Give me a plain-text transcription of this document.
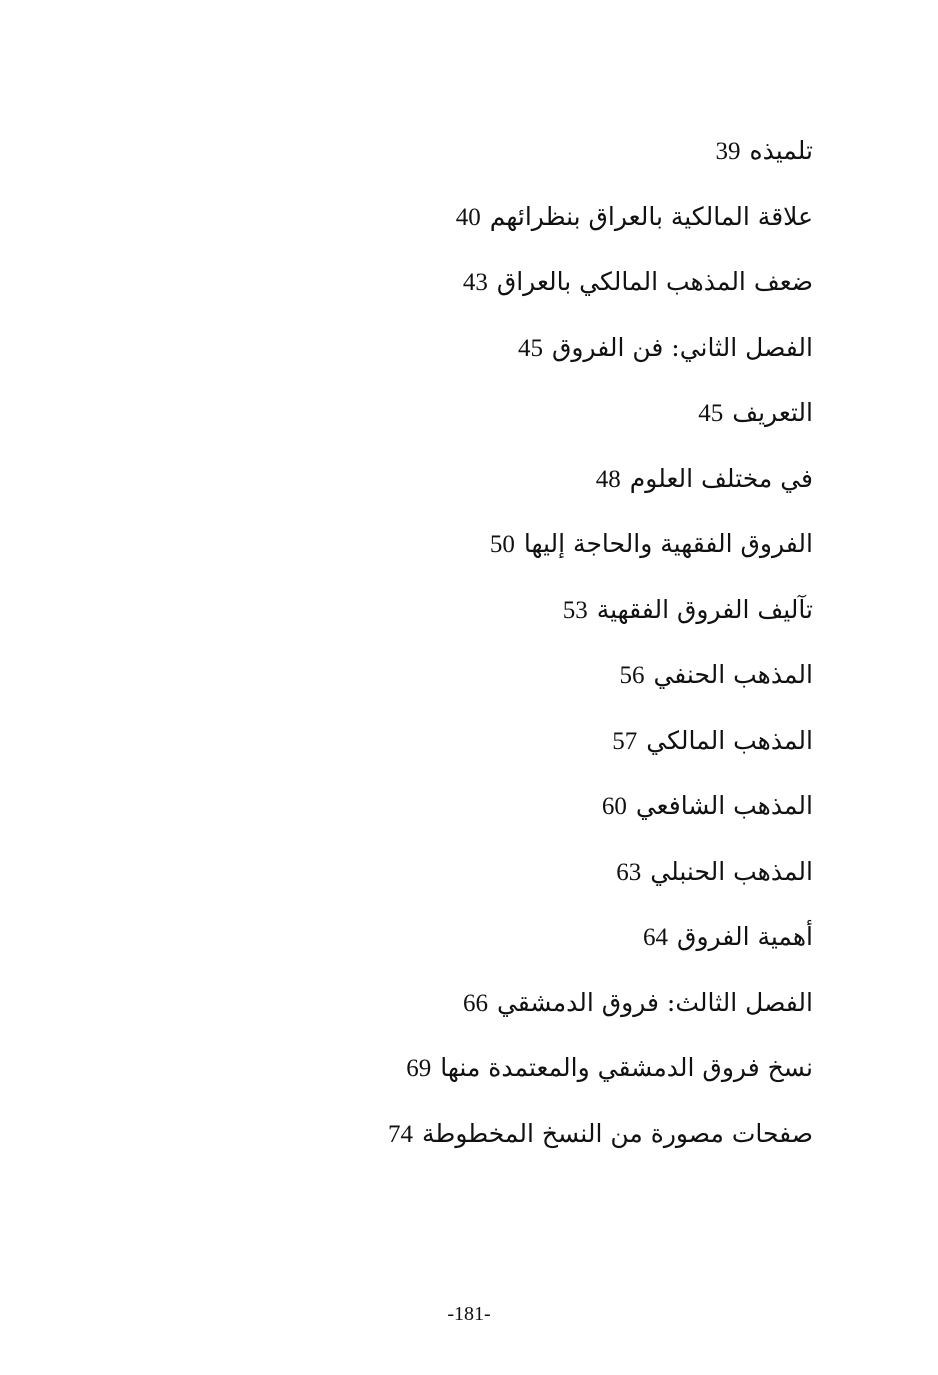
تلميذه39
علاقة المالكية بالعراق بنظرائهم40
ضعف المذهب المالكي بالعراق43
الفصل الثاني: فن الفروق45
التعريف45
في مختلف العلوم48
الفروق الفقهية والحاجة إليها50
تآليف الفروق الفقهية53
المذهب الحنفي56
المذهب المالكي57
المذهب الشافعي60
المذهب الحنبلي63
أهمية الفروق64
الفصل الثالث: فروق الدمشقي66
نسخ فروق الدمشقي والمعتمدة منها69
صفحات مصورة من النسخ المخطوطة74
-181-
